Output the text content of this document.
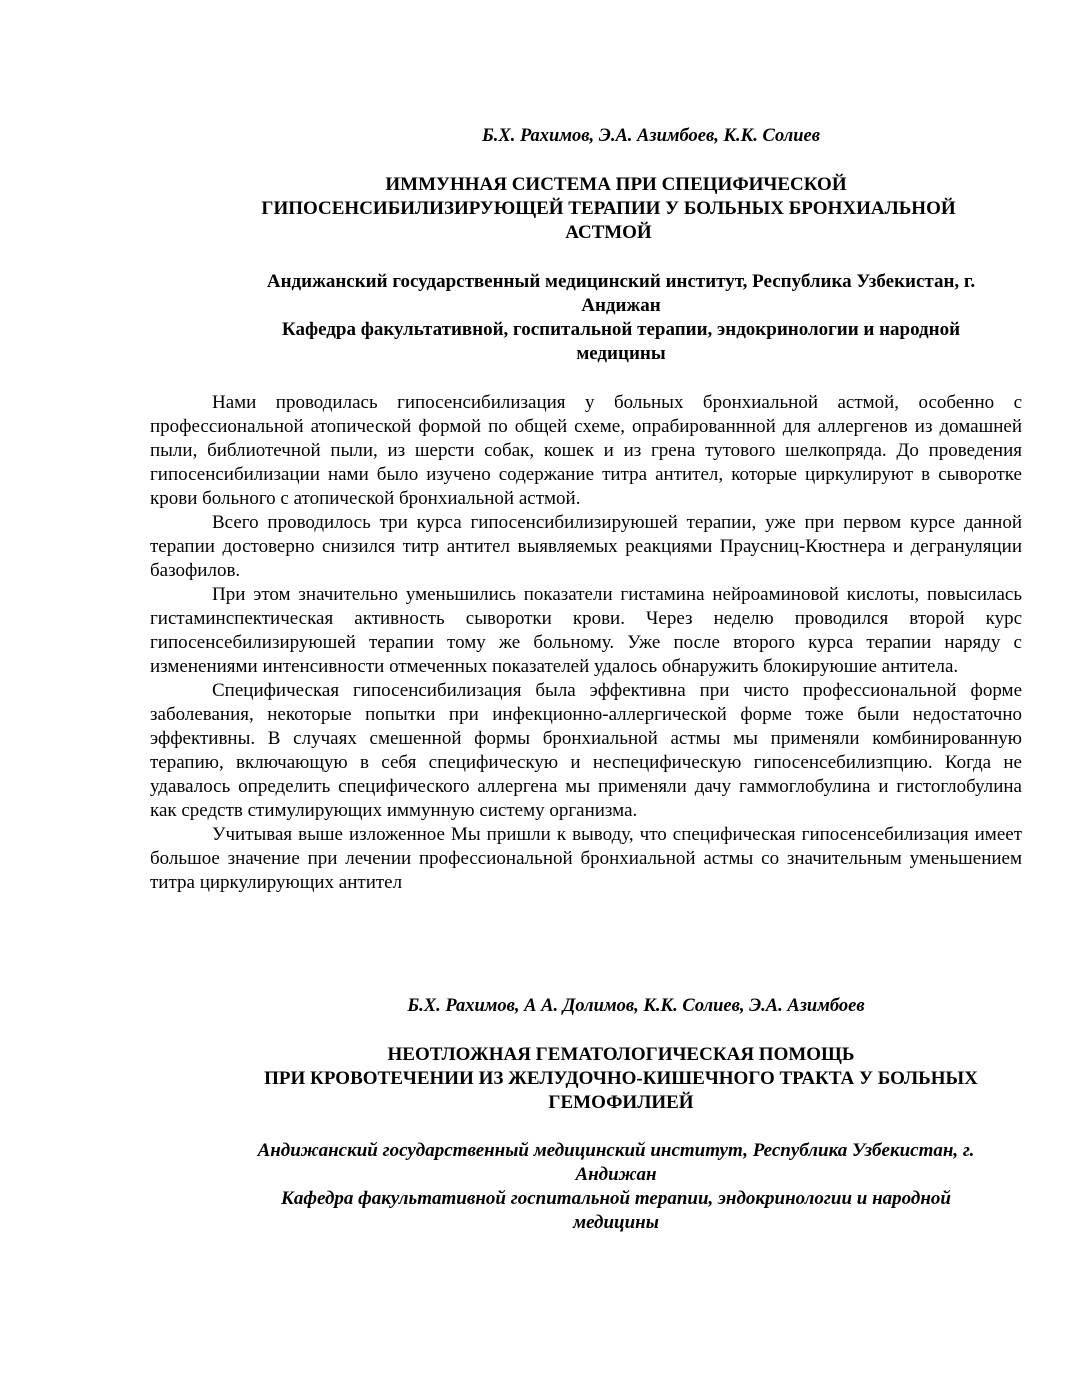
Б.Х. Рахимов, Э.А. Азимбоев, К.К. Солиев

ИММУННАЯ СИСТЕМА ПРИ СПЕЦИФИЧЕСКОЙ

ГИПОСЕНСИБИЛИЗИРУЮЩЕЙ ТЕРАПИИ У БОЛЬНЫХ БРОНХИАЛЬНОЙ

АСТМОЙ

Андижанский государственный медицинский институт, Республика Узбекистан, г.

Андижан

Кафедра факультативной, госпитальной терапии, эндокринологии и народной

медицины

Нами проводилась гипосенсибилизация у больных бронхиальной астмой, особенно с профессиональной атопической формой по общей схеме, опрабированнной для аллергенов из домашней пыли, библиотечной пыли, из шерсти собак, кошек и из грена тутового шелкопряда. До проведения гипосенсибилизации нами было изучено содержание титра антител, которые циркулируют в сыворотке крови больного с атопической бронхиальной астмой.

Всего проводилось три курса гипосенсибилизируюшей терапии, уже при первом курсе данной терапии достоверно снизился титр антител выявляемых реакциями Праусниц-Кюстнера и дегрануляции базофилов.

При этом значительно уменьшились показатели гистамина нейроаминовой кислоты, повысилась гистаминспектическая активность сыворотки крови. Через неделю проводился второй курс гипосенсебилизируюшей терапии тому же больному. Уже после второго курса терапии наряду с изменениями интенсивности отмеченных показателей удалось обнаружить блокируюшие антитела.

Специфическая гипосенсибилизация была эффективна при чисто профессиональной форме заболевания, некоторые попытки при инфекционно-аллергической форме тоже были недостаточно эффективны. В случаях смешенной формы бронхиальной астмы мы применяли комбинированную терапию, включающую в себя специфическую и неспецифическую гипосенсебилизпцию. Когда не удавалось определить специфического аллергена мы применяли дачу гаммоглобулина и гистоглобулина как средств стимулирующих иммунную систему организма.

Учитывая выше изложенное Мы пришли к выводу, что специфическая гипосенсебилизация имеет большое значение при лечении профессиональной бронхиальной астмы со значительным уменьшением титра циркулирующих антител

Б.Х. Рахимов, А А. Долимов, К.К. Солиев, Э.А. Азимбоев

НЕОТЛОЖНАЯ ГЕМАТОЛОГИЧЕСКАЯ ПОМОЩЬ

ПРИ КРОВОТЕЧЕНИИ ИЗ ЖЕЛУДОЧНО-КИШЕЧНОГО ТРАКТА У БОЛЬНЫХ

ГЕМОФИЛИЕЙ

Андижанский государственный медицинский институт, Республика Узбекистан, г.

Андижан

Кафедра факультативной госпитальной терапии, эндокринологии и народной

медицины
